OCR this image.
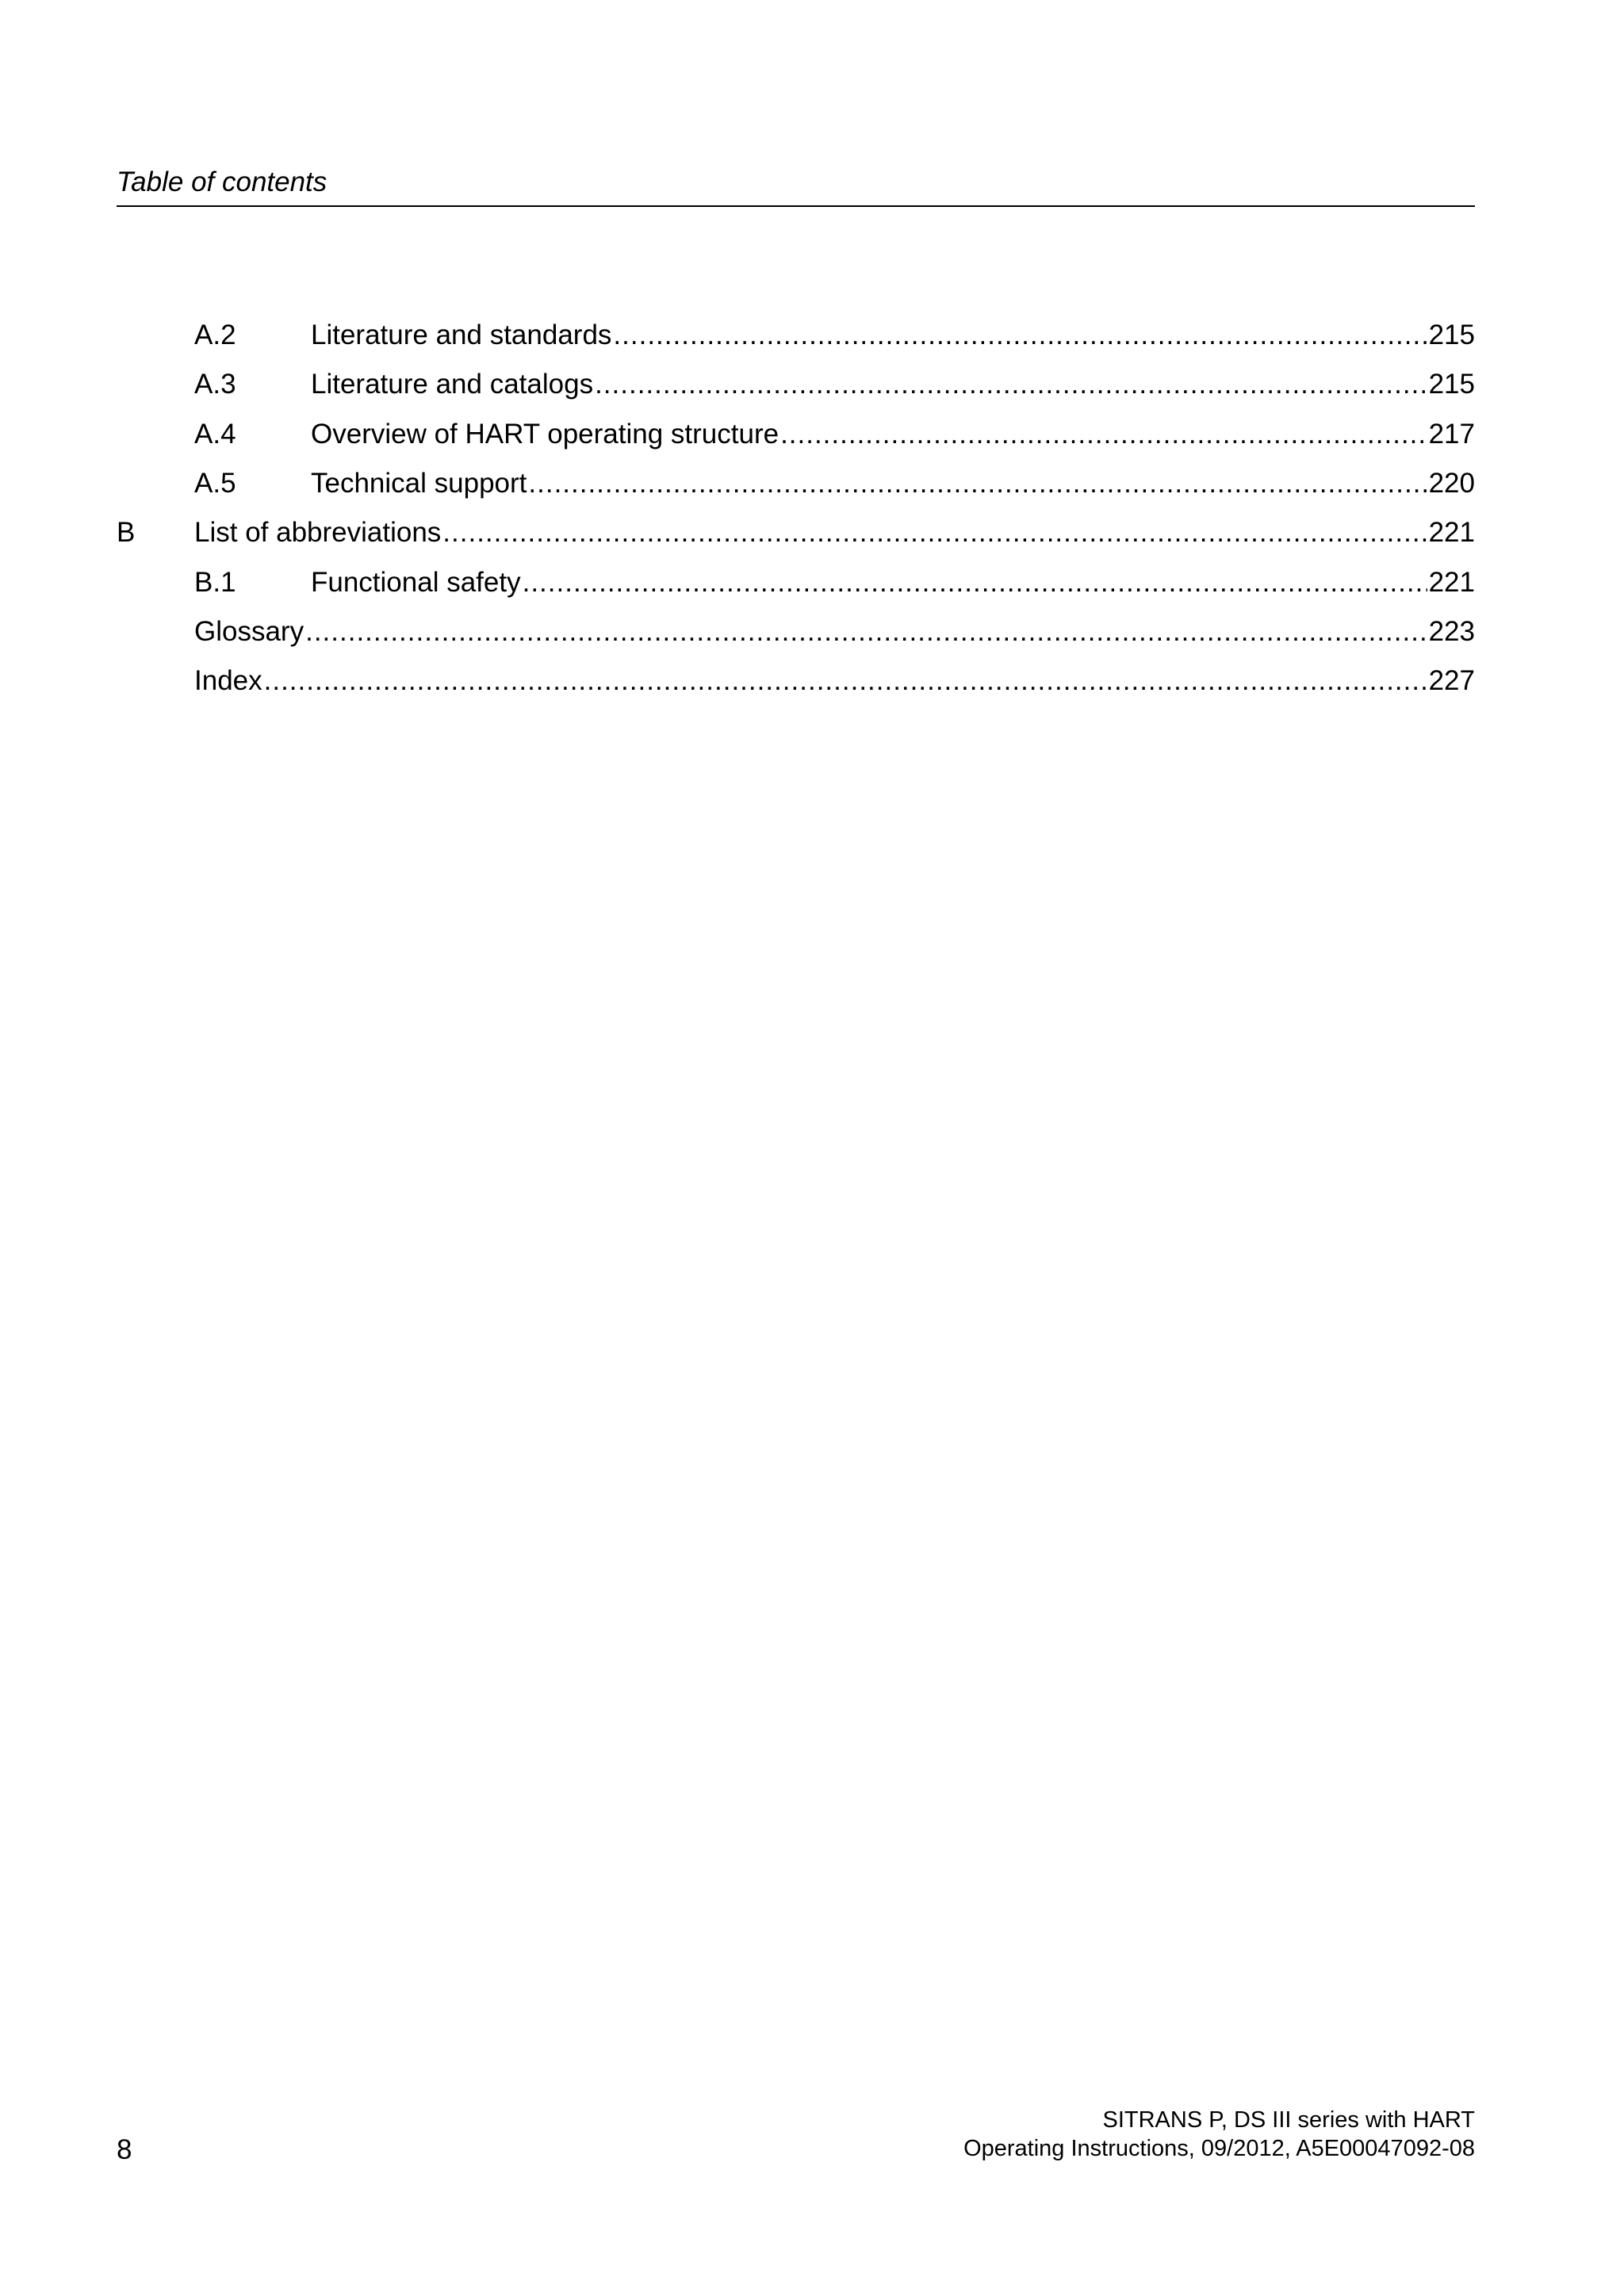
Table of contents
A.2	Literature and standards .....	215
A.3	Literature and catalogs .....	215
A.4	Overview of HART operating structure .....	217
A.5	Technical support .....	220
B List of abbreviations .....	221
B.1	Functional safety .....	221
Glossary .....	223
Index .....	227
8
SITRANS P, DS III series with HART
Operating Instructions, 09/2012, A5E00047092-08
